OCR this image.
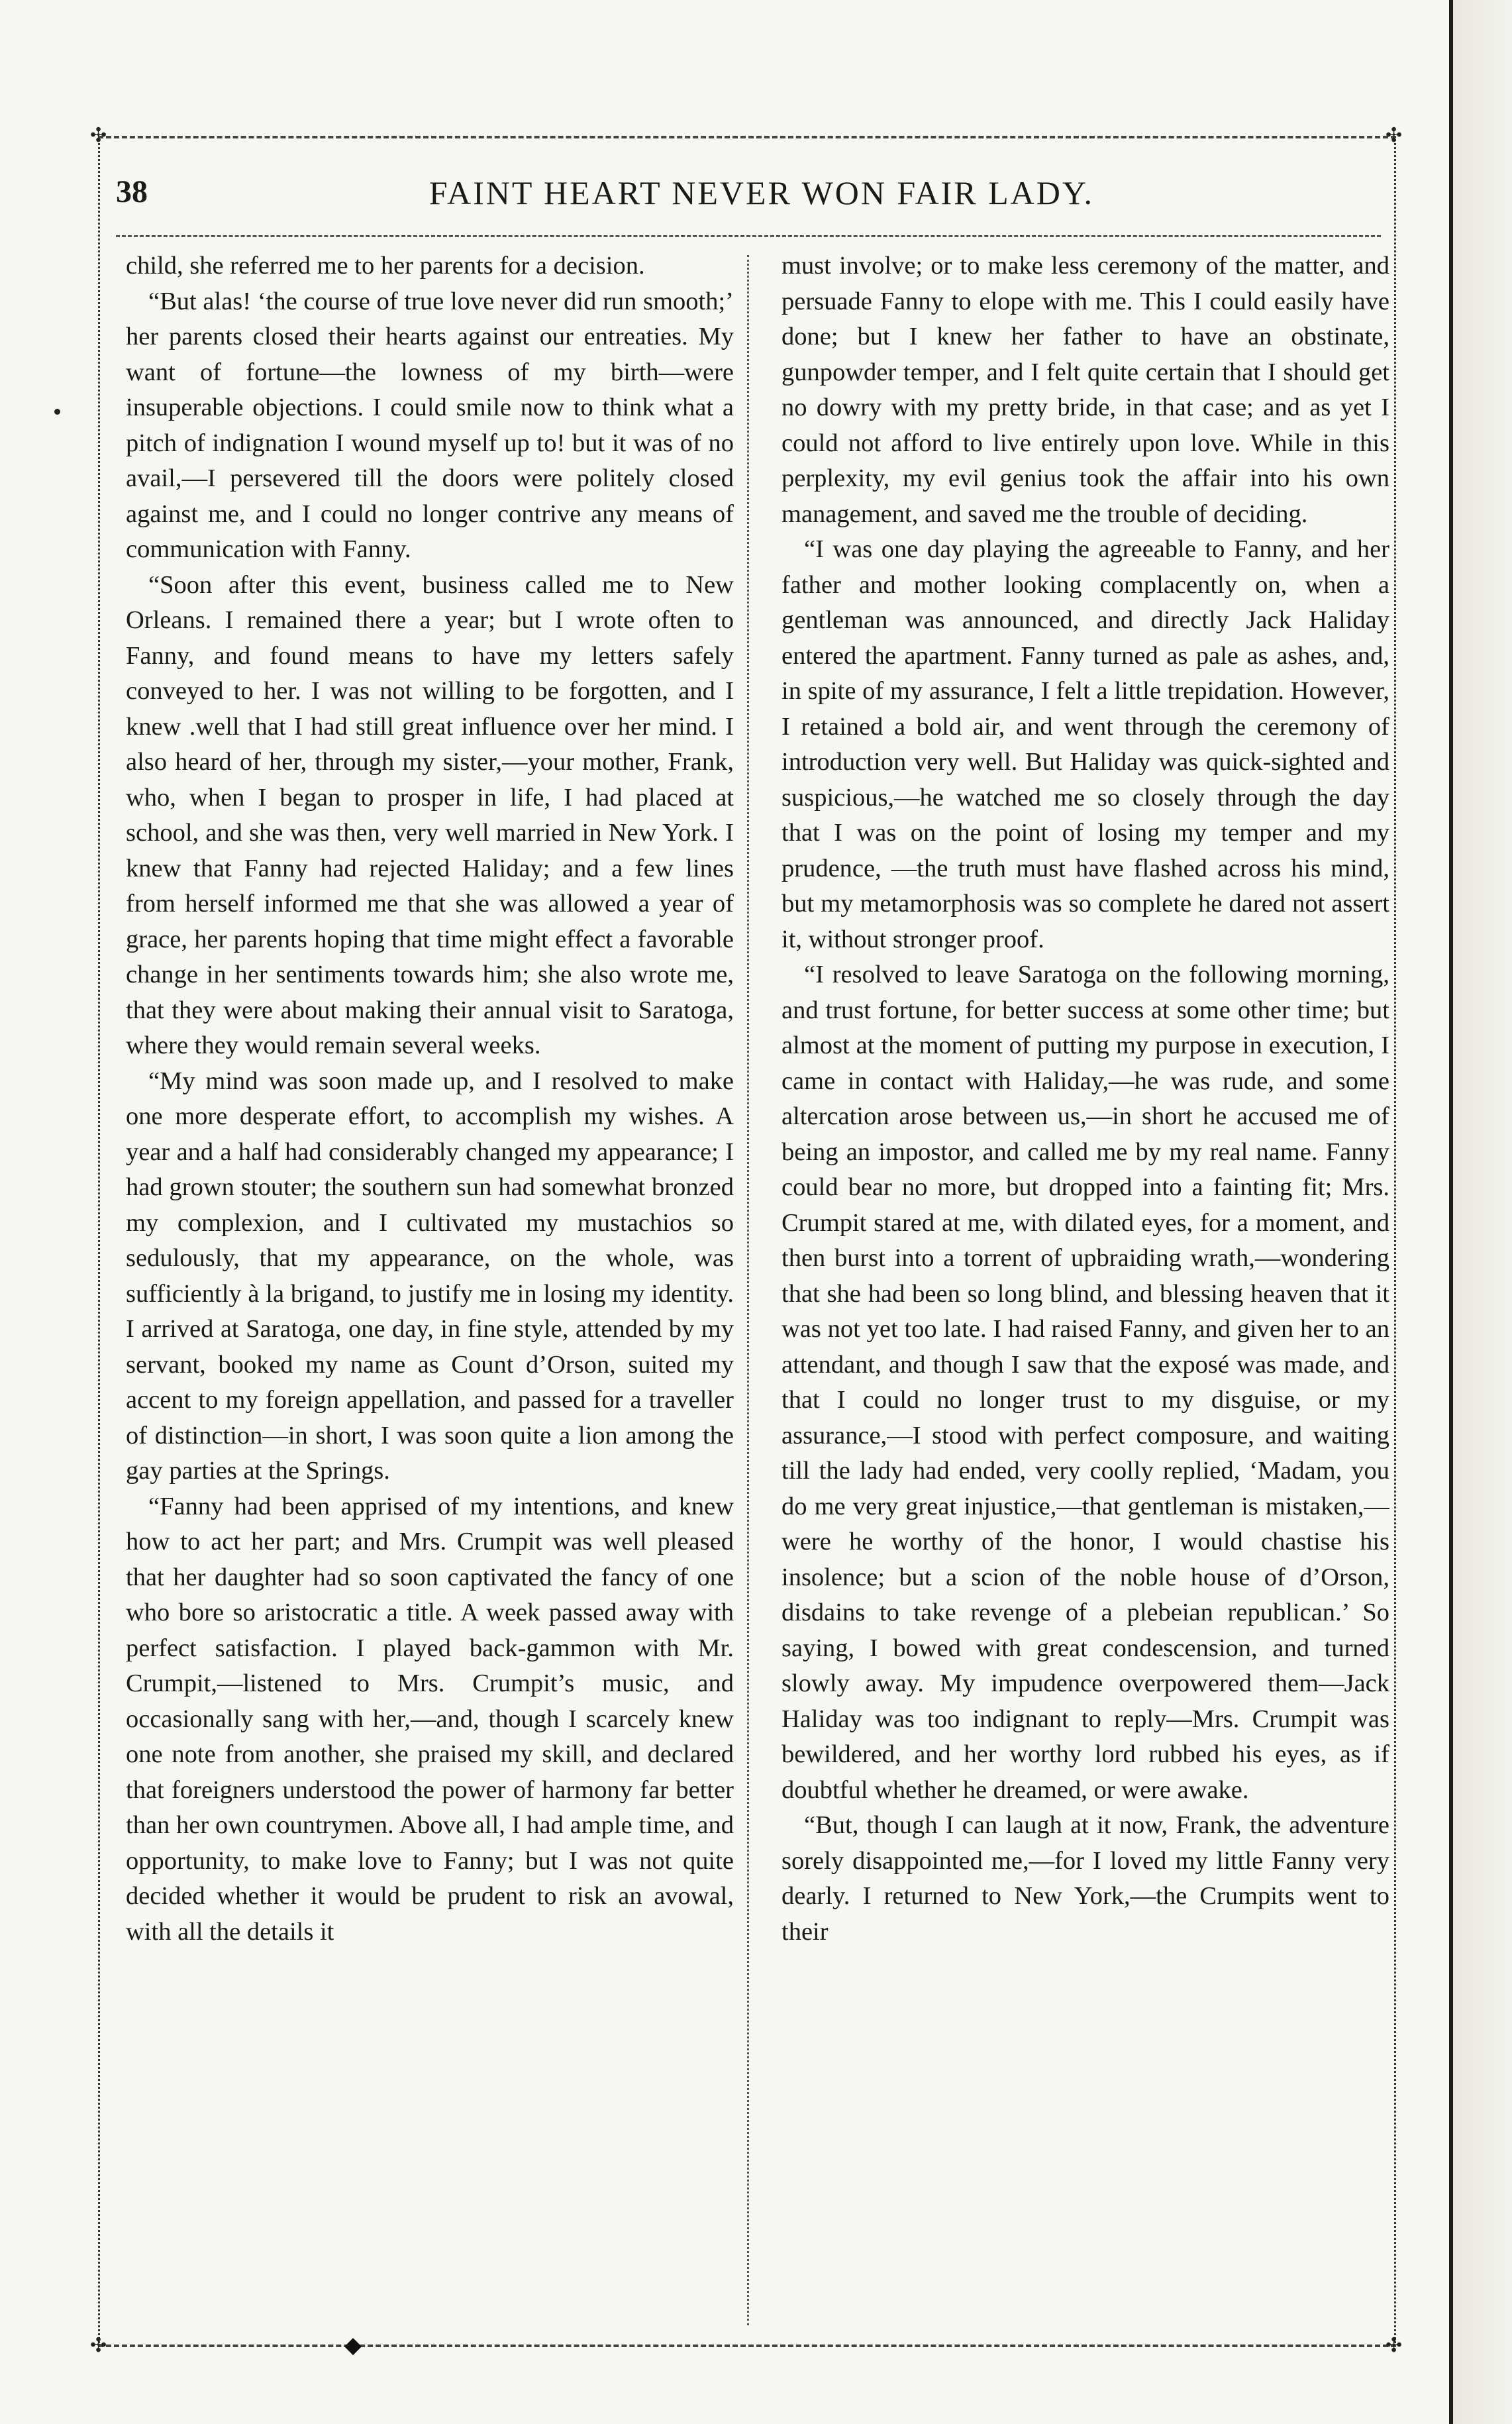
✣	✣
✣	✣
◆
38	FAINT HEART NEVER WON FAIR LADY.

child, she referred me to her parents for a decision.

“But alas! ‘the course of true love never did run smooth;’ her parents closed their hearts against our entreaties. My want of fortune—the lowness of my birth—were insuperable objections. I could smile now to think what a pitch of indignation I wound myself up to! but it was of no avail,—I persevered till the doors were politely closed against me, and I could no longer contrive any means of communication with Fanny.

“Soon after this event, business called me to New Orleans. I remained there a year; but I wrote often to Fanny, and found means to have my letters safely conveyed to her. I was not willing to be forgotten, and I knew .well that I had still great influence over her mind. I also heard of her, through my sister,—your mother, Frank, who, when I began to prosper in life, I had placed at school, and she was then, very well married in New York. I knew that Fanny had rejected Haliday; and a few lines from herself informed me that she was allowed a year of grace, her parents hoping that time might effect a favorable change in her sentiments towards him; she also wrote me, that they were about making their annual visit to Saratoga, where they would remain several weeks.

“My mind was soon made up, and I resolved to make one more desperate effort, to accomplish my wishes. A year and a half had considerably changed my appearance; I had grown stouter; the southern sun had somewhat bronzed my complexion, and I cultivated my mustachios so sedulously, that my appearance, on the whole, was sufficiently à la brigand, to justify me in losing my identity. I arrived at Saratoga, one day, in fine style, attended by my servant, booked my name as Count d’Orson, suited my accent to my foreign appellation, and passed for a traveller of distinction—in short, I was soon quite a lion among the gay parties at the Springs.

“Fanny had been apprised of my intentions, and knew how to act her part; and Mrs. Crumpit was well pleased that her daughter had so soon captivated the fancy of one who bore so aristocratic a title. A week passed away with perfect satisfaction. I played back-gammon with Mr. Crumpit,—listened to Mrs. Crumpit’s music, and occasionally sang with her,—and, though I scarcely knew one note from another, she praised my skill, and declared that foreigners understood the power of harmony far better than her own countrymen. Above all, I had ample time, and opportunity, to make love to Fanny; but I was not quite decided whether it would be prudent to risk an avowal, with all the details it

must involve; or to make less ceremony of the matter, and persuade Fanny to elope with me. This I could easily have done; but I knew her father to have an obstinate, gunpowder temper, and I felt quite certain that I should get no dowry with my pretty bride, in that case; and as yet I could not afford to live entirely upon love. While in this perplexity, my evil genius took the affair into his own management, and saved me the trouble of deciding.

“I was one day playing the agreeable to Fanny, and her father and mother looking complacently on, when a gentleman was announced, and directly Jack Haliday entered the apartment. Fanny turned as pale as ashes, and, in spite of my assurance, I felt a little trepidation. However, I retained a bold air, and went through the ceremony of introduction very well. But Haliday was quick-sighted and suspicious,—he watched me so closely through the day that I was on the point of losing my temper and my prudence, —the truth must have flashed across his mind, but my metamorphosis was so complete he dared not assert it, without stronger proof.

“I resolved to leave Saratoga on the following morning, and trust fortune, for better success at some other time; but almost at the moment of putting my purpose in execution, I came in contact with Haliday,—he was rude, and some altercation arose between us,—in short he accused me of being an impostor, and called me by my real name. Fanny could bear no more, but dropped into a fainting fit; Mrs. Crumpit stared at me, with dilated eyes, for a moment, and then burst into a torrent of upbraiding wrath,—wondering that she had been so long blind, and blessing heaven that it was not yet too late. I had raised Fanny, and given her to an attendant, and though I saw that the exposé was made, and that I could no longer trust to my disguise, or my assurance,—I stood with perfect composure, and waiting till the lady had ended, very coolly replied, ‘Madam, you do me very great injustice,—that gentleman is mistaken,—were he worthy of the honor, I would chastise his insolence; but a scion of the noble house of d’Orson, disdains to take revenge of a plebeian republican.’ So saying, I bowed with great condescension, and turned slowly away. My impudence overpowered them—Jack Haliday was too indignant to reply—Mrs. Crumpit was bewildered, and her worthy lord rubbed his eyes, as if doubtful whether he dreamed, or were awake.

“But, though I can laugh at it now, Frank, the adventure sorely disappointed me,—for I loved my little Fanny very dearly. I returned to New York,—the Crumpits went to their
